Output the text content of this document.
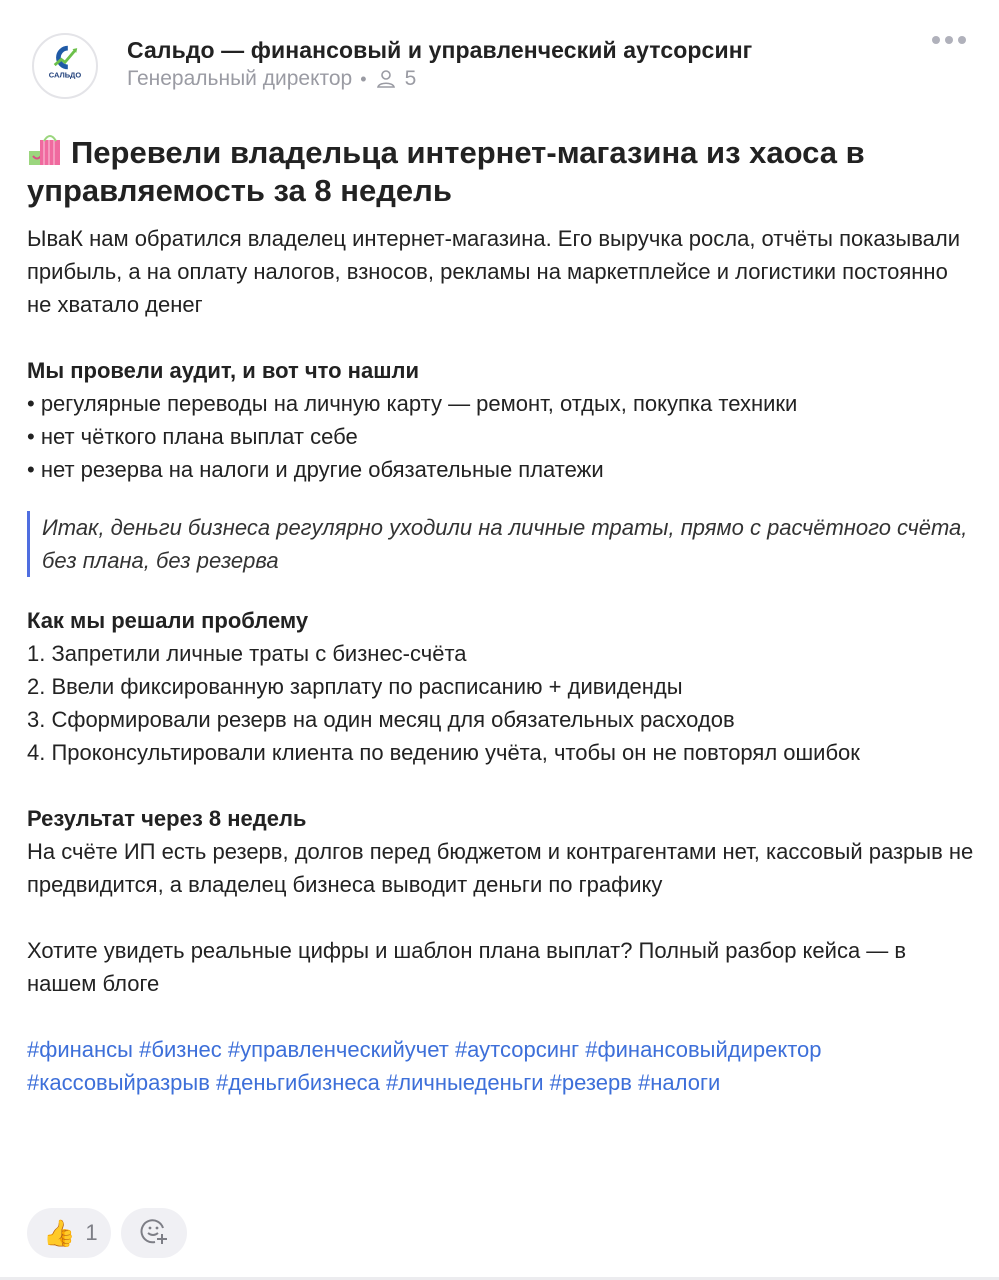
САЛЬДО
Сальдо — финансовый и управленческий аутсорсинг
Генеральный директор • 5
Перевели владельца интернет-магазина из хаоса в управляемость за 8 недель
ЫваК нам обратился владелец интернет-магазина. Его выручка росла, отчёты показывали прибыль, а на оплату налогов, взносов, рекламы на маркетплейсе и логистики постоянно не хватало денег
Мы провели аудит, и вот что нашли
• регулярные переводы на личную карту — ремонт, отдых, покупка техники
• нет чёткого плана выплат себе
• нет резерва на налоги и другие обязательные платежи
Итак, деньги бизнеса регулярно уходили на личные траты, прямо с расчётного счёта, без плана, без резерва
Как мы решали проблему
1. Запретили личные траты с бизнес-счёта
2. Ввели фиксированную зарплату по расписанию + дивиденды
3. Сформировали резерв на один месяц для обязательных расходов
4. Проконсультировали клиента по ведению учёта, чтобы он не повторял ошибок
Результат через 8 недель
На счёте ИП есть резерв, долгов перед бюджетом и контрагентами нет, кассовый разрыв не предвидится, а владелец бизнеса выводит деньги по графику
Хотите увидеть реальные цифры и шаблон плана выплат? Полный разбор кейса — в нашем блоге
#финансы #бизнес #управленческийучет #аутсорсинг #финансовыйдиректор #кассовыйразрыв #деньгибизнеса #личныеденьги #резерв #налоги
👍 1
